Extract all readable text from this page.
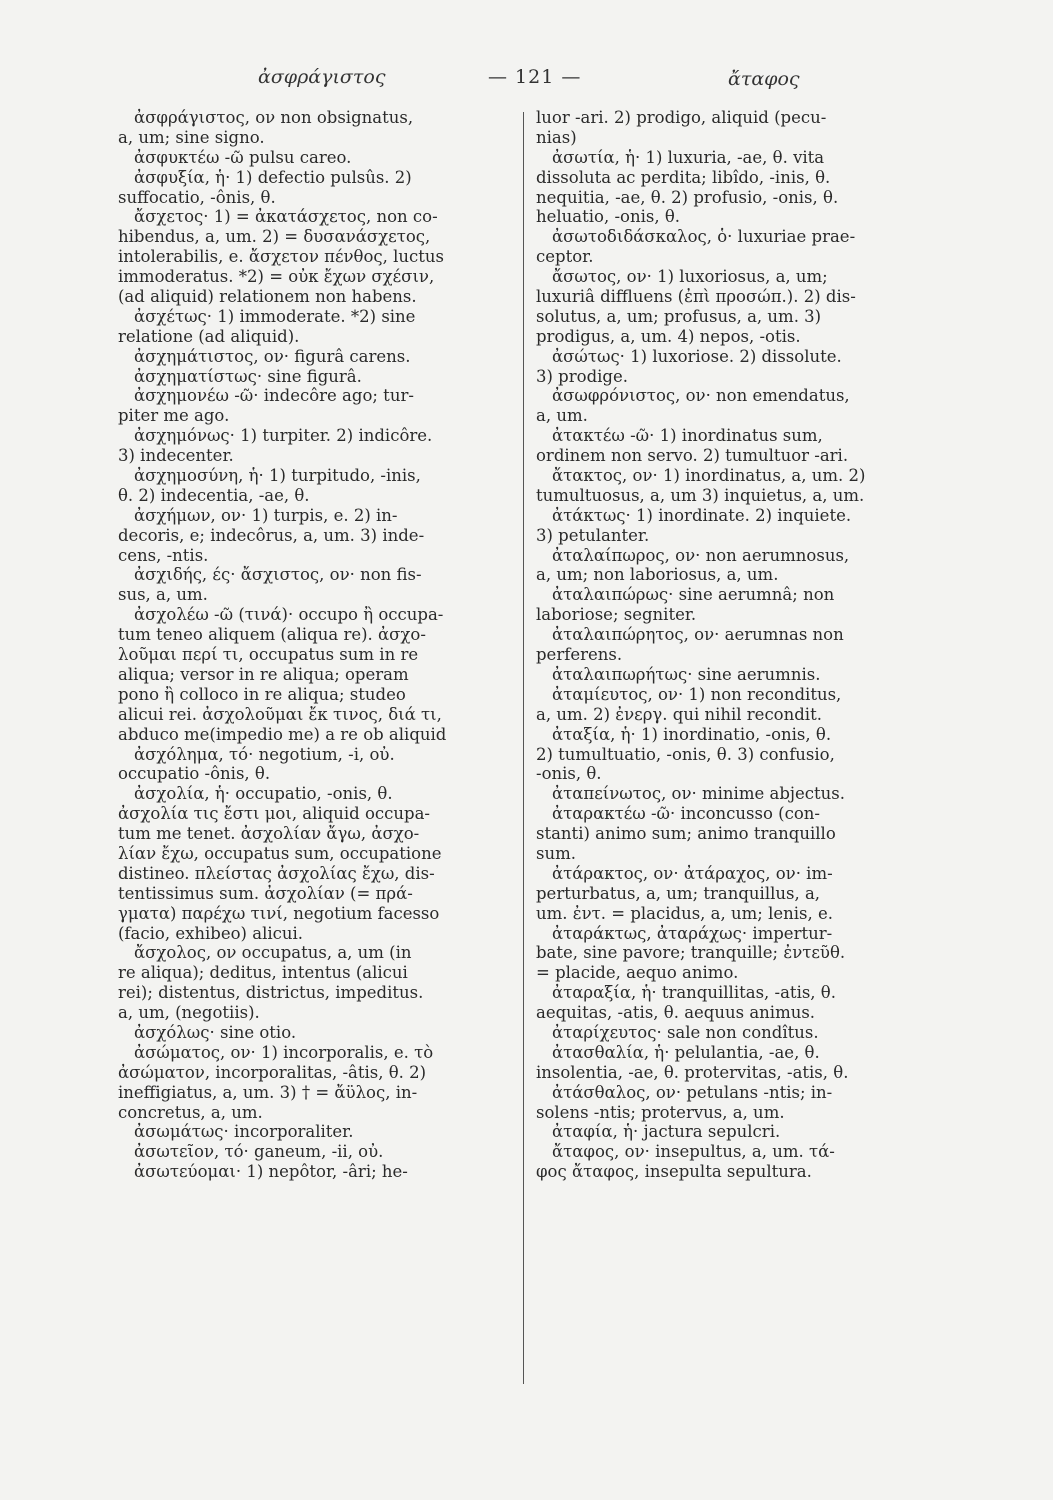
ἀσφράγιστος	— 121 —	ἄταφος
ἀσφράγιστος, ον non obsignatus,
a, um; sine signo.
ἀσφυκτέω -ῶ pulsu careo.
ἀσφυξία, ἡ· 1) defectio pulsûs. 2)
suffocatio, -ônis, θ.
ἄσχετος· 1) = ἀκατάσχετος, non co-
hibendus, a, um. 2) = δυσανάσχετος,
intolerabilis, e. ἄσχετον πένθος, luctus
immoderatus. *2) = οὐκ ἔχων σχέσιν,
(ad aliquid) relationem non habens.
ἀσχέτως· 1) immoderate. *2) sine
relatione (ad aliquid).
ἀσχημάτιστος, ον· figurâ carens.
ἀσχηματίστως· sine figurâ.
ἀσχημονέω -ῶ· indecôre ago; tur-
piter me ago.
ἀσχημόνως· 1) turpiter. 2) indicôre.
3) indecenter.
ἀσχημοσύνη, ἡ· 1) turpitudo, -inis,
θ. 2) indecentia, -ae, θ.
ἀσχήμων, ον· 1) turpis, e. 2) in-
decoris, e; indecôrus, a, um. 3) inde-
cens, -ntis.
ἀσχιδής, ές· ἄσχιστος, ον· non fis-
sus, a, um.
ἀσχολέω -ῶ (τινά)· occupo ἢ occupa-
tum teneo aliquem (aliqua re). ἀσχο-
λοῦμαι περί τι, occupatus sum in re
aliqua; versor in re aliqua; operam
pono ἢ colloco in re aliqua; studeo
alicui rei. ἀσχολοῦμαι ἔκ τινος, διά τι,
abduco me(impedio me) a re ob aliquid
ἀσχόλημα, τό· negotium, -i, οὐ.
occupatio -ônis, θ.
ἀσχολία, ἡ· occupatio, -onis, θ.
ἀσχολία τις ἔστι μοι, aliquid occupa-
tum me tenet. ἀσχολίαν ἄγω, ἀσχο-
λίαν ἔχω, occupatus sum, occupatione
distineo. πλείστας ἀσχολίας ἔχω, dis-
tentissimus sum. ἀσχολίαν (= πρά-
γματα) παρέχω τινί, negotium facesso
(facio, exhibeo) alicui.
ἄσχολος, ον occupatus, a, um (in
re aliqua); deditus, intentus (alicui
rei); distentus, districtus, impeditus.
a, um, (negotiis).
ἀσχόλως· sine otio.
ἀσώματος, ον· 1) incorporalis, e. τὸ
ἀσώματον, incorporalitas, -âtis, θ. 2)
ineffigiatus, a, um. 3) † = ἄϋλος, in-
concretus, a, um.
ἀσωμάτως· incorporaliter.
ἀσωτεῖον, τό· ganeum, -ii, οὐ.
ἀσωτεύομαι· 1) nepôtor, -âri; he-
luor -ari. 2) prodigo, aliquid (pecu-
nias)
ἀσωτία, ἡ· 1) luxuria, -ae, θ. vita
dissoluta ac perdita; libîdo, -inis, θ.
nequitia, -ae, θ. 2) profusio, -onis, θ.
heluatio, -onis, θ.
ἀσωτοδιδάσκαλος, ὁ· luxuriae prae-
ceptor.
ἄσωτος, ον· 1) luxoriosus, a, um;
luxuriâ diffluens (ἐπὶ προσώπ.). 2) dis-
solutus, a, um; profusus, a, um. 3)
prodigus, a, um. 4) nepos, -otis.
ἀσώτως· 1) luxoriose. 2) dissolute.
3) prodige.
ἀσωφρόνιστος, ον· non emendatus,
a, um.
ἀτακτέω -ῶ· 1) inordinatus sum,
ordinem non servo. 2) tumultuor -ari.
ἄτακτος, ον· 1) inordinatus, a, um. 2)
tumultuosus, a, um 3) inquietus, a, um.
ἀτάκτως· 1) inordinate. 2) inquiete.
3) petulanter.
ἀταλαίπωρος, ον· non aerumnosus,
a, um; non laboriosus, a, um.
ἀταλαιπώρως· sine aerumnâ; non
laboriose; segniter.
ἀταλαιπώρητος, ον· aerumnas non
perferens.
ἀταλαιπωρήτως· sine aerumnis.
ἀταμίευτος, ον· 1) non reconditus,
a, um. 2) ἐνεργ. qui nihil recondit.
ἀταξία, ἡ· 1) inordinatio, -onis, θ.
2) tumultuatio, -onis, θ. 3) confusio,
-onis, θ.
ἀταπείνωτος, ον· minime abjectus.
ἀταρακτέω -ῶ· inconcusso (con-
stanti) animo sum; animo tranquillo
sum.
ἀτάρακτος, ον· ἀτάραχος, ον· im-
perturbatus, a, um; tranquillus, a,
um. ἐντ. = placidus, a, um; lenis, e.
ἀταράκτως, ἀταράχως· impertur-
bate, sine pavore; tranquille; ἐντεῦθ.
= placide, aequo animo.
ἀταραξία, ἡ· tranquillitas, -atis, θ.
aequitas, -atis, θ. aequus animus.
ἀταρίχευτος· sale non condîtus.
ἀτασθαλία, ἡ· pelulantia, -ae, θ.
insolentia, -ae, θ. protervitas, -atis, θ.
ἀτάσθαλος, ον· petulans -ntis; in-
solens -ntis; protervus, a, um.
ἀταφία, ἡ· jactura sepulcri.
ἄταφος, ον· insepultus, a, um. τά-
φος ἄταφος, insepulta sepultura.
